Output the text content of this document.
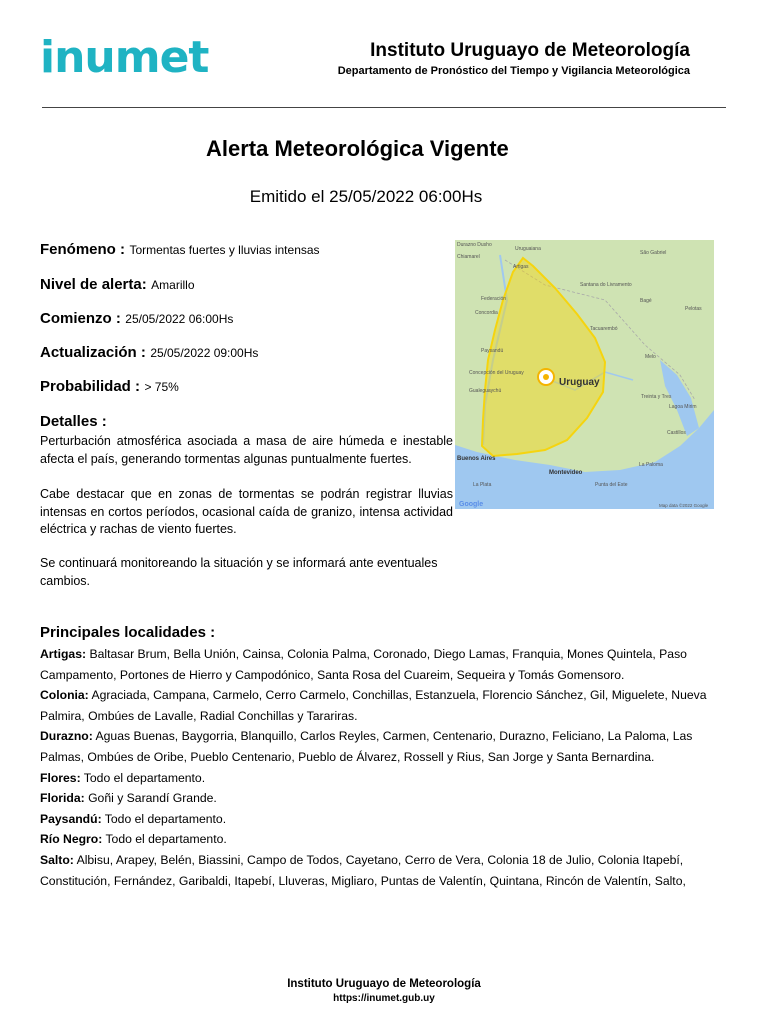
inumet	Instituto Uruguayo de Meteorología
Departamento de Pronóstico del Tiempo y Vigilancia Meteorológica
Alerta Meteorológica Vigente
Emitido el 25/05/2022 06:00Hs
Fenómeno : Tormentas fuertes y lluvias intensas
Nivel de alerta: Amarillo
Comienzo : 25/05/2022 06:00Hs
Actualización : 25/05/2022 09:00Hs
Probabilidad : > 75%
Detalles :
Perturbación atmosférica asociada a masa de aire húmeda e inestable afecta el país, generando tormentas algunas puntualmente fuertes.
Cabe destacar que en zonas de tormentas se podrán registrar lluvias intensas en cortos períodos, ocasional caída de granizo, intensa actividad eléctrica y rachas de viento fuertes.
Se continuará monitoreando la situación y se informará ante eventuales cambios.
Uruguay
Durazno Dusho
Uruguaiana
Chiamarel
Artigas
Santana do Livramento
São Gabriel
Bagé
Pelotas
Federación
Concordia
Tacuarembó
Melo
Paysandú
Treinta y Tres
Concepción del Uruguay
Gualeguaychú
Lagoa Mirim
Castillos
Buenos Aires
Montevideo
La Plata
La Paloma
Punta del Este
Google	Map data ©2022 Google
Principales localidades :
Artigas: Baltasar Brum, Bella Unión, Cainsa, Colonia Palma, Coronado, Diego Lamas, Franquia, Mones Quintela, Paso Campamento, Portones de Hierro y Campodónico, Santa Rosa del Cuareim, Sequeira y Tomás Gomensoro.
Colonia: Agraciada, Campana, Carmelo, Cerro Carmelo, Conchillas, Estanzuela, Florencio Sánchez, Gil, Miguelete, Nueva Palmira, Ombúes de Lavalle, Radial Conchillas y Tarariras.
Durazno: Aguas Buenas, Baygorria, Blanquillo, Carlos Reyles, Carmen, Centenario, Durazno, Feliciano, La Paloma, Las Palmas, Ombúes de Oribe, Pueblo Centenario, Pueblo de Álvarez, Rossell y Rius, San Jorge y Santa Bernardina.
Flores: Todo el departamento.
Florida: Goñi y Sarandí Grande.
Paysandú: Todo el departamento.
Río Negro: Todo el departamento.
Salto: Albisu, Arapey, Belén, Biassini, Campo de Todos, Cayetano, Cerro de Vera, Colonia 18 de Julio, Colonia Itapebí, Constitución, Fernández, Garibaldi, Itapebí, Lluveras, Migliaro, Puntas de Valentín, Quintana, Rincón de Valentín, Salto,
Instituto Uruguayo de Meteorología
https://inumet.gub.uy
